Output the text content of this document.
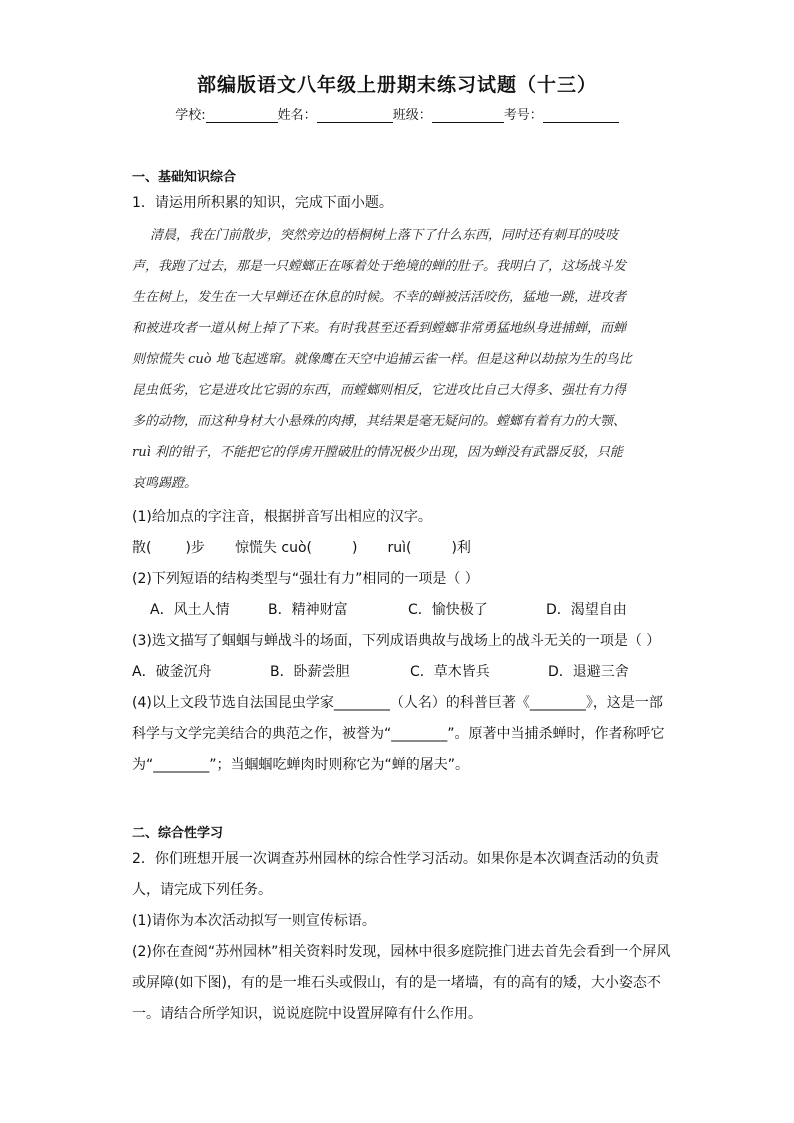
部编版语文八年级上册期末练习试题（十三）
学校:	姓名：	班级：	考号：
一、基础知识综合
1．请运用所积累的知识，完成下面小题。
清晨，我在门前散步，突然旁边的梧桐树上落下了什么东西，同时还有刺耳的吱吱
声，我跑了过去，那是一只螳螂正在啄着处于绝境的蝉的肚子。我明白了，这场战斗发
生在树上，发生在一大早蝉还在休息的时候。不幸的蝉被活活咬伤，猛地一跳，进攻者
和被进攻者一道从树上掉了下来。有时我甚至还看到螳螂非常勇猛地纵身进捕蝉，而蝉
则惊慌失 cuò 地飞起逃窜。就像鹰在天空中追捕云雀一样。但是这种以劫掠为生的鸟比
昆虫低劣，它是进攻比它弱的东西，而螳螂则相反，它进攻比自己大得多、强壮有力得
多的动物，而这种身材大小悬殊的肉搏，其结果是毫无疑问的。螳螂有着有力的大颚、
ruì 利的钳子，不能把它的俘虏开膛破肚的情况极少出现，因为蝉没有武器反驳，只能
哀鸣踢蹬。
(1)给加点的字注音，根据拼音写出相应的汉字。
散( )步 惊慌失 cuò(	) ruì(	)利
(2)下列短语的结构类型与“强壮有力”相同的一项是（ ）
A．风土人情	B．精神财富	C．愉快极了	D．渴望自由
(3)选文描写了蝈蝈与蝉战斗的场面，下列成语典故与战场上的战斗无关的一项是（ ）
A．破釜沉舟	B．卧薪尝胆	C．草木皆兵	D．退避三舍
(4)以上文段节选自法国昆虫学家________（人名）的科普巨著《________》，这是一部
科学与文学完美结合的典范之作，被誉为“________”。原著中当捕杀蝉时，作者称呼它
为“________”；当蝈蝈吃蝉肉时则称它为“蝉的屠夫”。
二、综合性学习
2．你们班想开展一次调查苏州园林的综合性学习活动。如果你是本次调查活动的负责
人，请完成下列任务。
(1)请你为本次活动拟写一则宣传标语。
(2)你在查阅“苏州园林”相关资料时发现，园林中很多庭院推门进去首先会看到一个屏风
或屏障(如下图)，有的是一堆石头或假山，有的是一堵墙，有的高有的矮，大小姿态不
一。请结合所学知识，说说庭院中设置屏障有什么作用。
